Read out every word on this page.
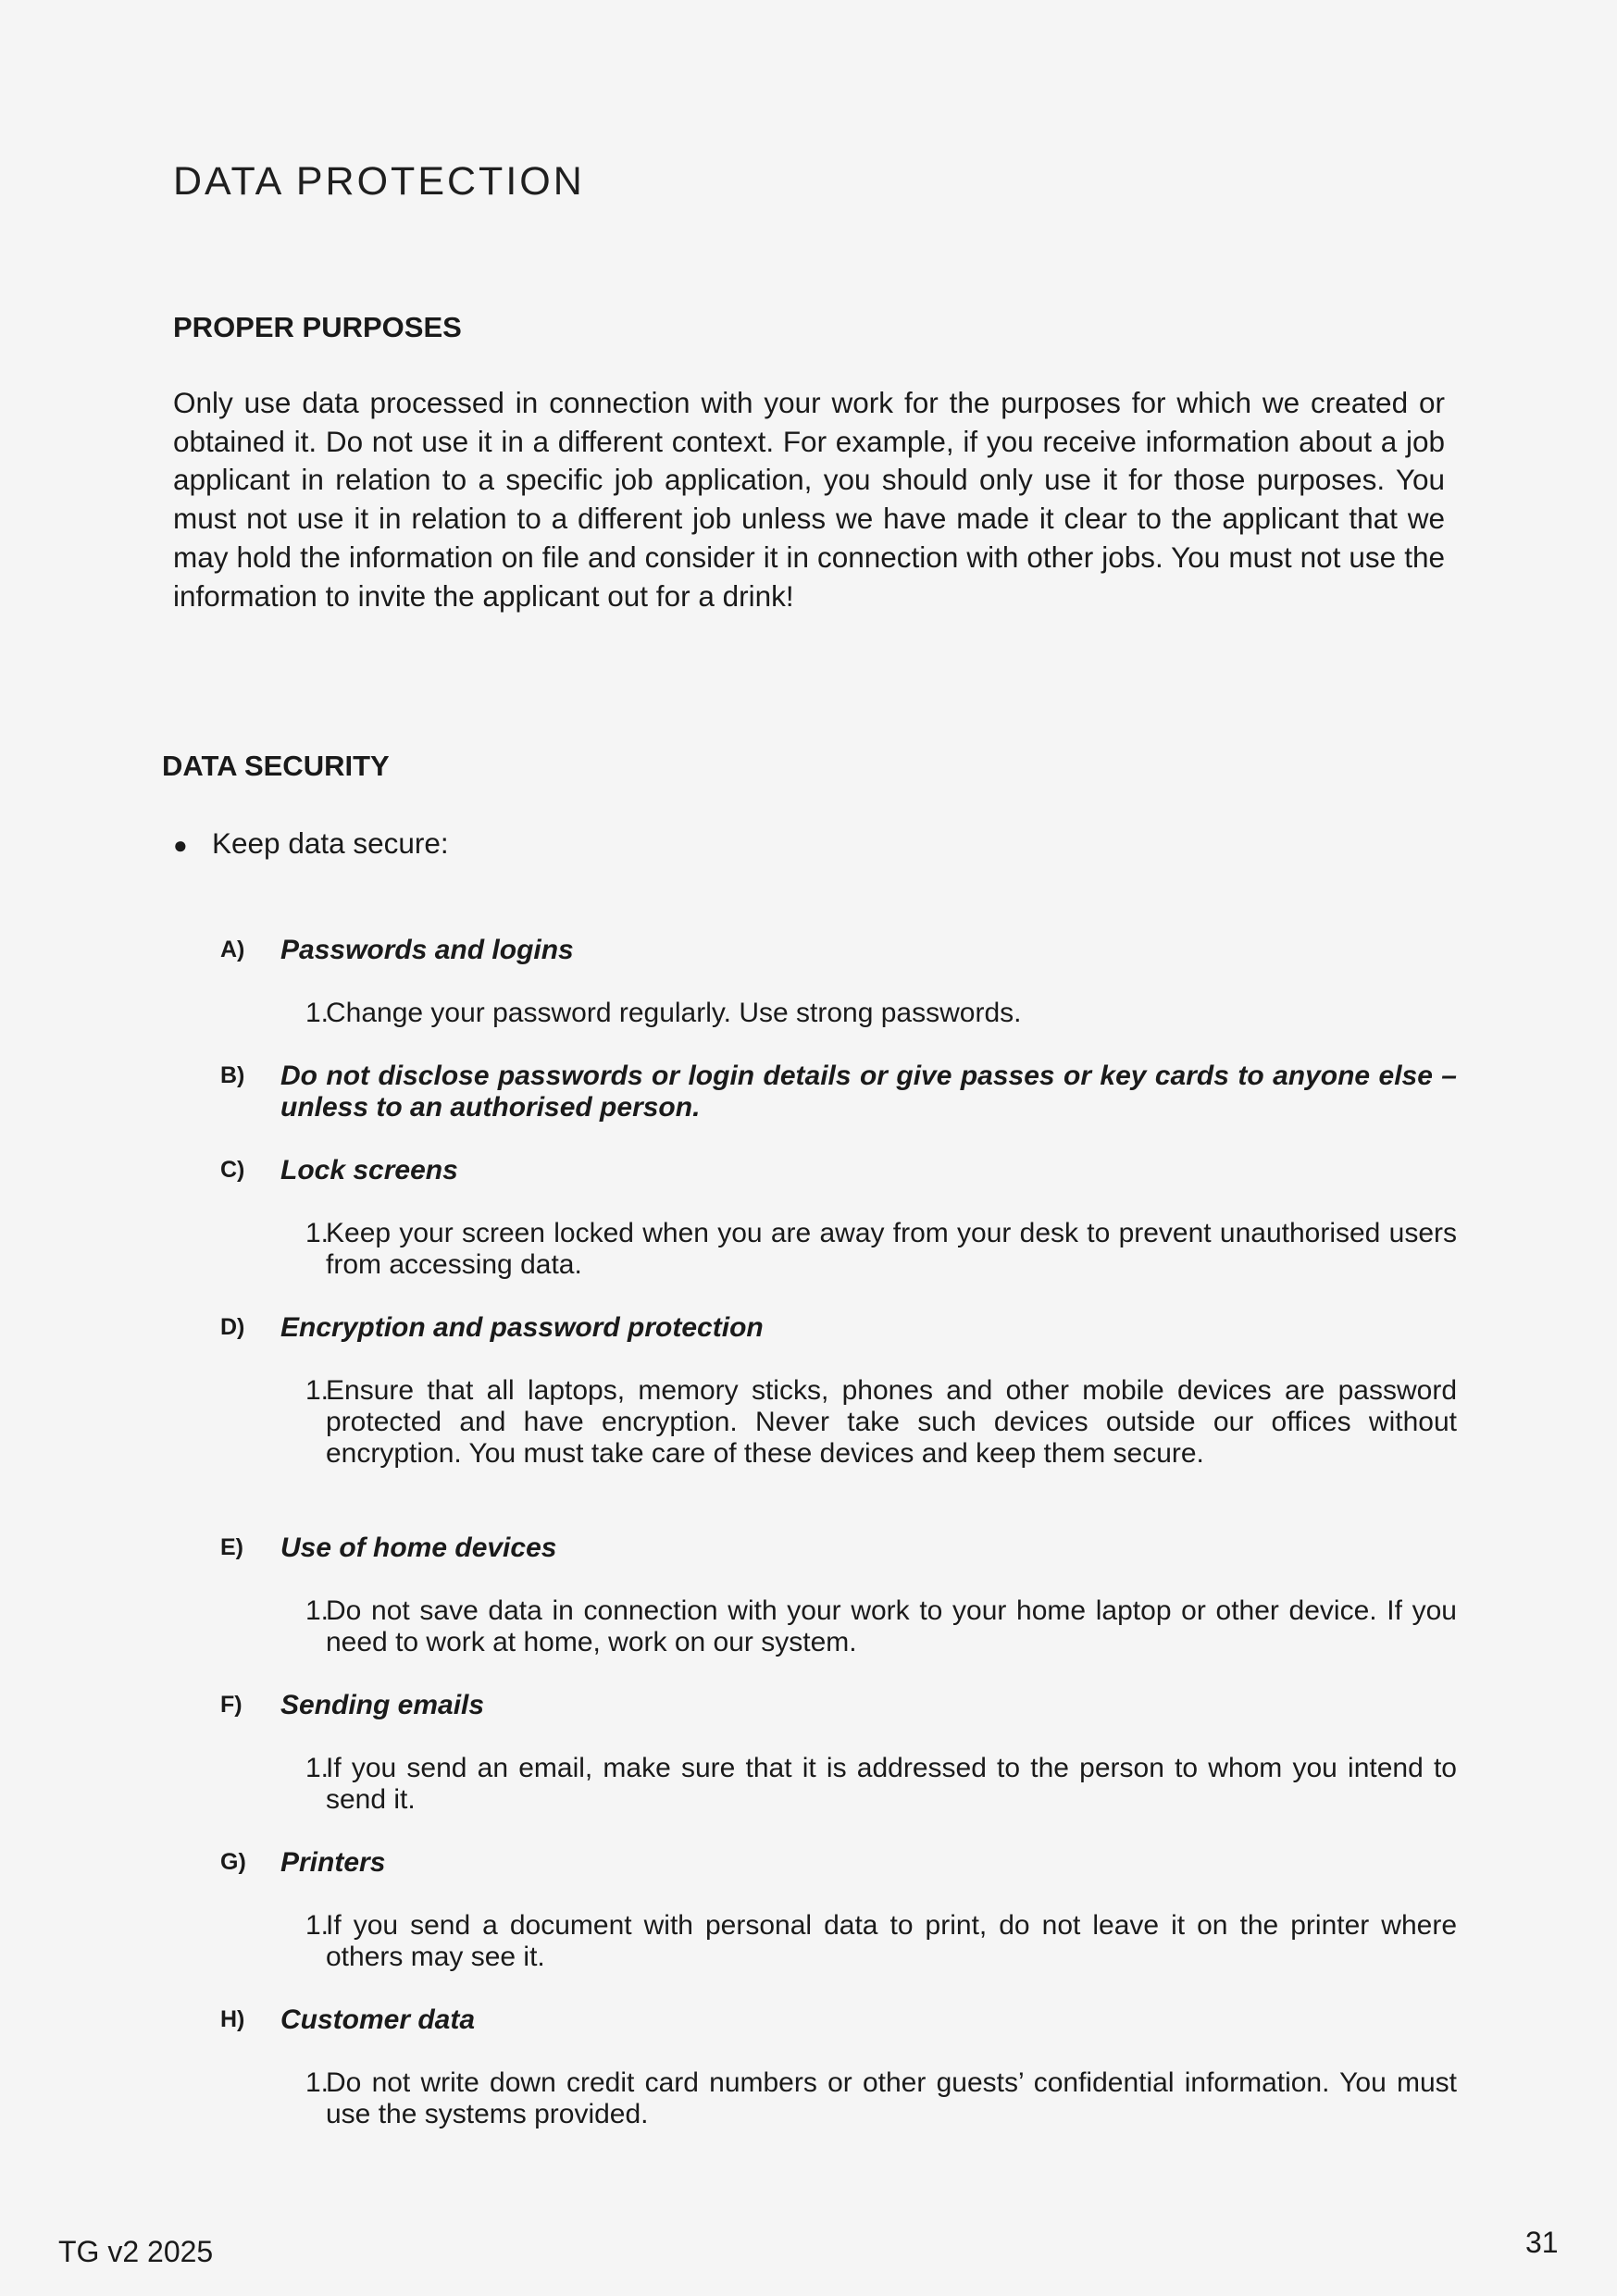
DATA PROTECTION
PROPER PURPOSES

Only use data processed in connection with your work for the purposes for which we created or obtained it. Do not use it in a different context. For example, if you receive information about a job applicant in relation to a specific job application, you should only use it for those purposes. You must not use it in relation to a different job unless we have made it clear to the applicant that we may hold the information on file and consider it in connection with other jobs. You must not use the information to invite the applicant out for a drink!

DATA SECURITY

● Keep data secure:

A) Passwords and logins
1.
Change your password regularly. Use strong passwords.
B) Do not disclose passwords or login details or give passes or key cards to anyone else – unless to an authorised person.
C) Lock screens
1.
Keep your screen locked when you are away from your desk to prevent unauthorised users from accessing data.
D) Encryption and password protection
1.
Ensure that all laptops, memory sticks, phones and other mobile devices are password protected and have encryption. Never take such devices outside our offices without encryption. You must take care of these devices and keep them secure.
E) Use of home devices
1.
Do not save data in connection with your work to your home laptop or other device. If you need to work at home, work on our system.
F) Sending emails
1.
If you send an email, make sure that it is addressed to the person to whom you intend to send it.
G) Printers
1.
If you send a document with personal data to print, do not leave it on the printer where others may see it.
H) Customer data
1.
Do not write down credit card numbers or other guests’ confidential information. You must use the systems provided.

TG v2 2025	31
